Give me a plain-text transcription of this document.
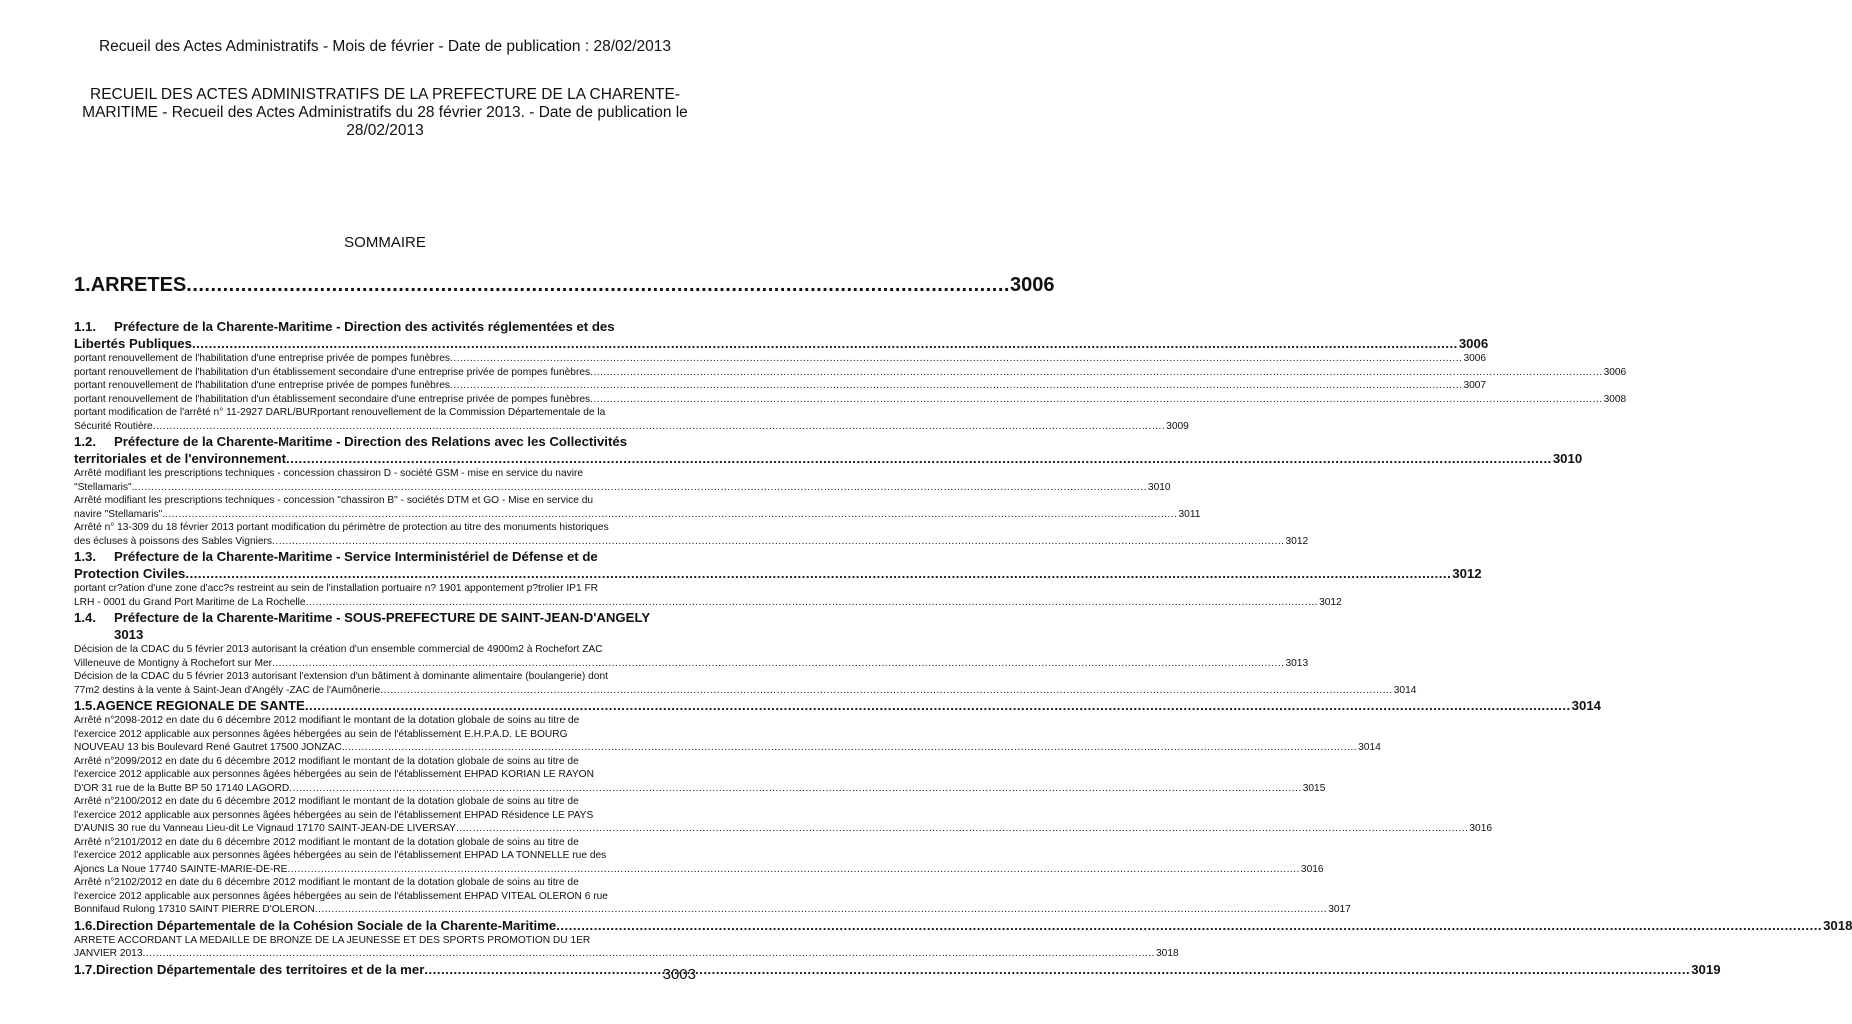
Recueil des Actes Administratifs - Mois de février - Date de publication : 28/02/2013
RECUEIL DES ACTES ADMINISTRATIFS DE LA PREFECTURE DE LA CHARENTE-
MARITIME - Recueil des Actes Administratifs du 28 février 2013. - Date de publication le
28/02/2013
SOMMAIRE
1. ARRETES ........................................................................................................................................ 3006
1.1.	Préfecture de la Charente-Maritime - Direction des activités réglementées et des
Libertés Publiques .....	3006
portant renouvellement de l'habilitation d'une entreprise privée de pompes funèbres .....	3006
portant renouvellement de l'habilitation d'un établissement secondaire d'une entreprise privée de pompes funèbres .....	3006
portant renouvellement de l'habilitation d'une entreprise privée de pompes funèbres .....	3007
portant renouvellement de l'habilitation d'un établissement secondaire d'une entreprise privée de pompes funèbres .....	3008
portant modification de l'arrêté n° 11-2927 DARL/BURportant renouvellement de la Commission Départementale de la
Sécurité Routière .....	3009
1.2.	Préfecture de la Charente-Maritime - Direction des Relations avec les Collectivités
territoriales et de l'environnement .....	3010
Arrêté modifiant les prescriptions techniques - concession chassiron D - société GSM - mise en service du navire
"Stellamaris". .....	3010
Arrêté modifiant les prescriptions techniques - concession "chassiron B" - sociétés DTM et GO - Mise en service du
navire "Stellamaris". .....	3011
Arrêté n° 13-309 du 18 février 2013 portant modification du périmètre de protection au titre des monuments historiques
des écluses à poissons des Sables Vigniers .....	3012
1.3.	Préfecture de la Charente-Maritime - Service Interministériel de Défense et de
Protection Civiles .....	3012
portant cr?ation d'une zone d'acc?s restreint au sein de l'installation portuaire n? 1901 appontement p?trolier IP1 FR
LRH - 0001 du Grand Port Maritime de La Rochelle .....	3012
1.4.	Préfecture de la Charente-Maritime - SOUS-PREFECTURE DE SAINT-JEAN-D'ANGELY
3013
Décision de la CDAC du 5 février 2013 autorisant la création d'un ensemble commercial de 4900m2 à Rochefort ZAC
Villeneuve de Montigny à Rochefort sur Mer .....	3013
Décision de la CDAC du 5 février 2013 autorisant l'extension d'un bâtiment à dominante alimentaire (boulangerie) dont
77m2 destins à la vente à Saint-Jean d'Angély -ZAC de l'Aumônerie .....	3014
1.5. AGENCE REGIONALE DE SANTE .....	3014
Arrêté n°2098-2012 en date du 6 décembre 2012 modifiant le montant de la dotation globale de soins au titre de
l'exercice 2012 applicable aux personnes âgées hébergées au sein de l'établissement E.H.P.A.D. LE BOURG
NOUVEAU 13 bis Boulevard René Gautret 17500 JONZAC. .....	3014
Arrêté n°2099/2012 en date du 6 décembre 2012 modifiant le montant de la dotation globale de soins au titre de
l'exercice 2012 applicable aux personnes âgées hébergées au sein de l'établissement EHPAD KORIAN LE RAYON
D'OR 31 rue de la Butte BP 50 17140 LAGORD .....	3015
Arrêté n°2100/2012 en date du 6 décembre 2012 modifiant le montant de la dotation globale de soins au titre de
l'exercice 2012 applicable aux personnes âgées hébergées au sein de l'établissement EHPAD Résidence LE PAYS
D'AUNIS 30 rue du Vanneau Lieu-dit Le Vignaud 17170 SAINT-JEAN-DE LIVERSAY .....	3016
Arrêté n°2101/2012 en date du 6 décembre 2012 modifiant le montant de la dotation globale de soins au titre de
l'exercice 2012 applicable aux personnes âgées hébergées au sein de l'établissement EHPAD LA TONNELLE rue des
Ajoncs La Noue 17740 SAINTE-MARIE-DE-RE .....	3016
Arrêté n°2102/2012 en date du 6 décembre 2012 modifiant le montant de la dotation globale de soins au titre de
l'exercice 2012 applicable aux personnes âgées hébergées au sein de l'établissement EHPAD VITEAL OLERON 6 rue
Bonnifaud Rulong 17310 SAINT PIERRE D'OLERON .....	3017
1.6. Direction Départementale de la Cohésion Sociale de la Charente-Maritime .....	3018
ARRETE ACCORDANT LA MEDAILLE DE BRONZE DE LA JEUNESSE ET DES SPORTS PROMOTION DU 1ER
JANVIER 2013 .....	3018
1.7. Direction Départementale des territoires et de la mer .....	3019
3003
